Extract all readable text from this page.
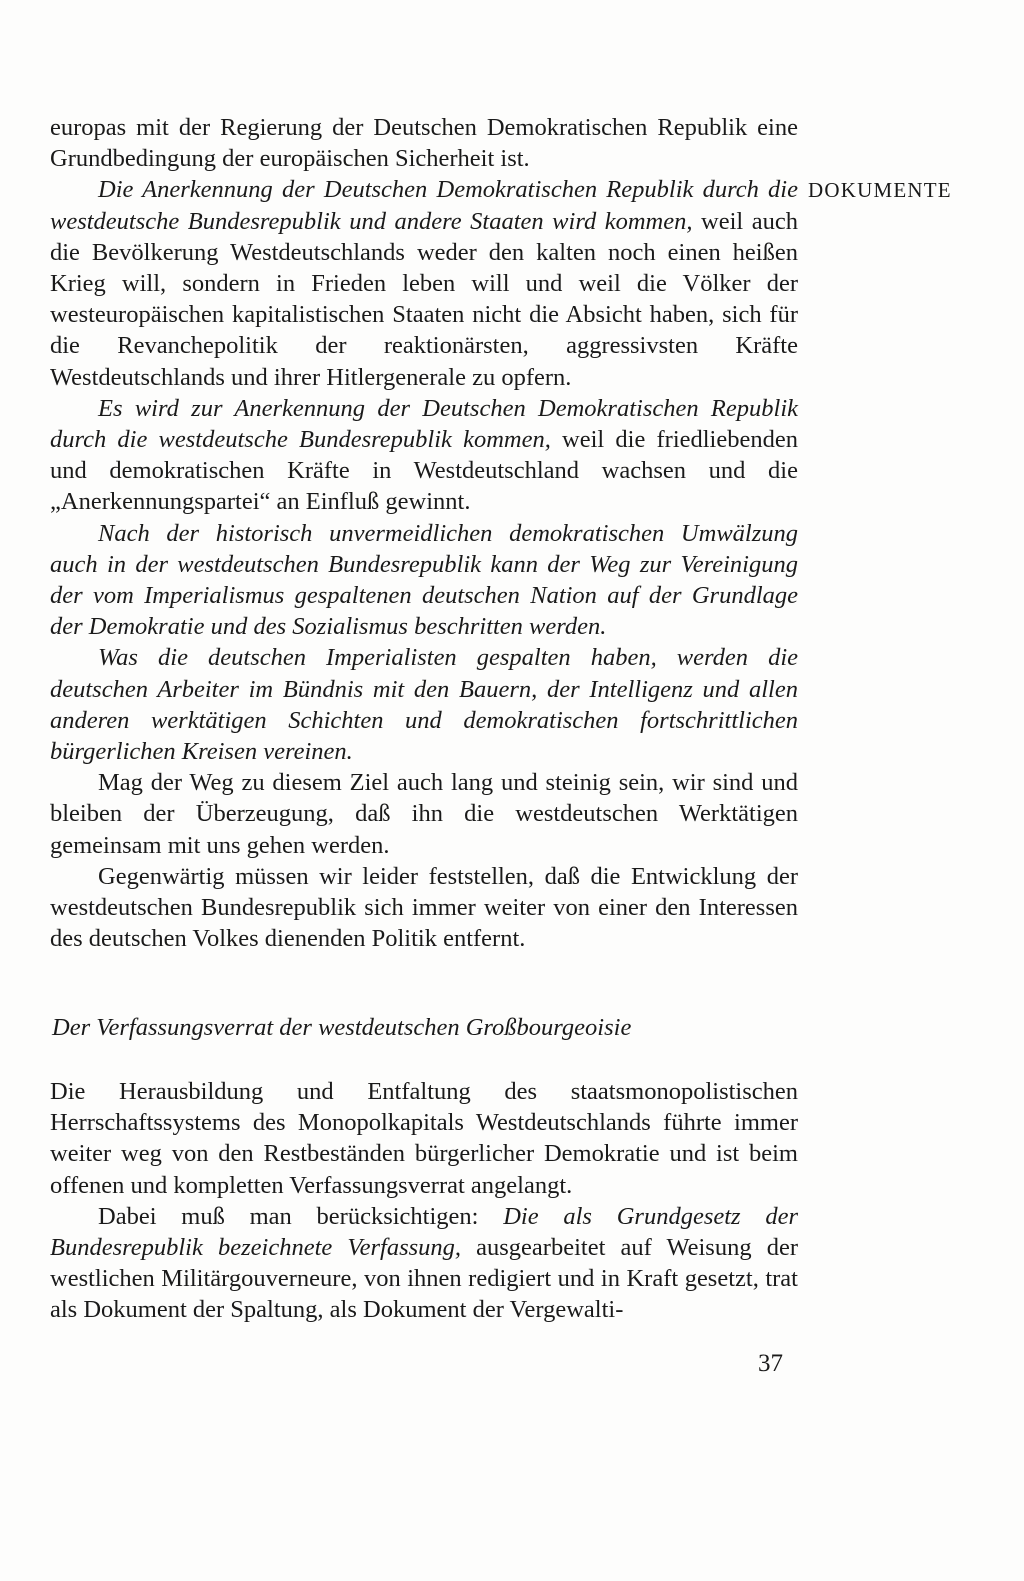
DOKUMENTE

europas mit der Regierung der Deutschen Demokratischen Republik eine Grundbedingung der europäischen Sicherheit ist.

Die Anerkennung der Deutschen Demokratischen Republik durch die westdeutsche Bundesrepublik und andere Staaten wird kommen, weil auch die Bevölkerung Westdeutschlands weder den kalten noch einen heißen Krieg will, sondern in Frieden leben will und weil die Völker der westeuropäischen kapitalistischen Staaten nicht die Absicht haben, sich für die Revanchepolitik der reaktionärsten, aggressivsten Kräfte Westdeutschlands und ihrer Hitlergenerale zu opfern.

Es wird zur Anerkennung der Deutschen Demokratischen Republik durch die westdeutsche Bundesrepublik kommen, weil die friedliebenden und demokratischen Kräfte in Westdeutschland wachsen und die „Anerkennungspartei“ an Einfluß gewinnt.

Nach der historisch unvermeidlichen demokratischen Umwälzung auch in der westdeutschen Bundesrepublik kann der Weg zur Vereinigung der vom Imperialismus gespaltenen deutschen Nation auf der Grundlage der Demokratie und des Sozialismus beschritten werden.

Was die deutschen Imperialisten gespalten haben, werden die deutschen Arbeiter im Bündnis mit den Bauern, der Intelligenz und allen anderen werktätigen Schichten und demokratischen fortschrittlichen bürgerlichen Kreisen vereinen.

Mag der Weg zu diesem Ziel auch lang und steinig sein, wir sind und bleiben der Überzeugung, daß ihn die westdeutschen Werktätigen gemeinsam mit uns gehen werden.

Gegenwärtig müssen wir leider feststellen, daß die Entwicklung der westdeutschen Bundesrepublik sich immer weiter von einer den Interessen des deutschen Volkes dienenden Politik entfernt.

Der Verfassungsverrat der westdeutschen Großbourgeoisie

Die Herausbildung und Entfaltung des staatsmonopolistischen Herrschaftssystems des Monopolkapitals Westdeutschlands führte immer weiter weg von den Restbeständen bürgerlicher Demokratie und ist beim offenen und kompletten Verfassungsverrat angelangt.

Dabei muß man berücksichtigen: Die als Grundgesetz der Bundesrepublik bezeichnete Verfassung, ausgearbeitet auf Weisung der westlichen Militärgouverneure, von ihnen redigiert und in Kraft gesetzt, trat als Dokument der Spaltung, als Dokument der Vergewalti-

37
